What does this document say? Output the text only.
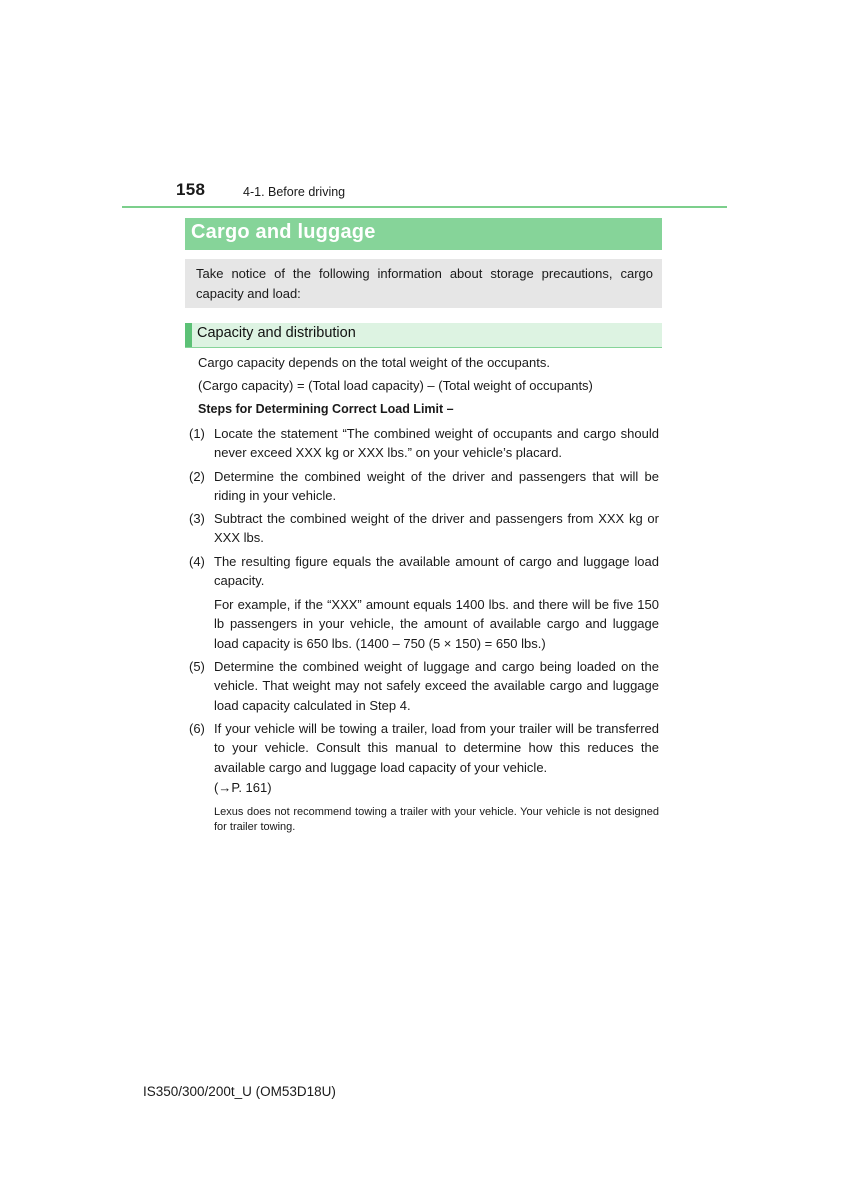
158	4-1. Before driving
Cargo and luggage
Take notice of the following information about storage precautions, cargo capacity and load:
Capacity and distribution
Cargo capacity depends on the total weight of the occupants.
(Cargo capacity) = (Total load capacity) – (Total weight of occupants)
Steps for Determining Correct Load Limit –
(1) Locate the statement “The combined weight of occupants and cargo should never exceed XXX kg or XXX lbs.” on your vehicle’s placard.
(2) Determine the combined weight of the driver and passengers that will be riding in your vehicle.
(3) Subtract the combined weight of the driver and passengers from XXX kg or XXX lbs.
(4) The resulting figure equals the available amount of cargo and luggage load capacity.
For example, if the “XXX” amount equals 1400 lbs. and there will be five 150 lb passengers in your vehicle, the amount of available cargo and luggage load capacity is 650 lbs. (1400 – 750 (5 × 150) = 650 lbs.)
(5) Determine the combined weight of luggage and cargo being loaded on the vehicle. That weight may not safely exceed the available cargo and luggage load capacity calculated in Step 4.
(6) If your vehicle will be towing a trailer, load from your trailer will be transferred to your vehicle. Consult this manual to determine how this reduces the available cargo and luggage load capacity of your vehicle.
(→P. 161)
Lexus does not recommend towing a trailer with your vehicle. Your vehicle is not designed for trailer towing.
IS350/300/200t_U (OM53D18U)
